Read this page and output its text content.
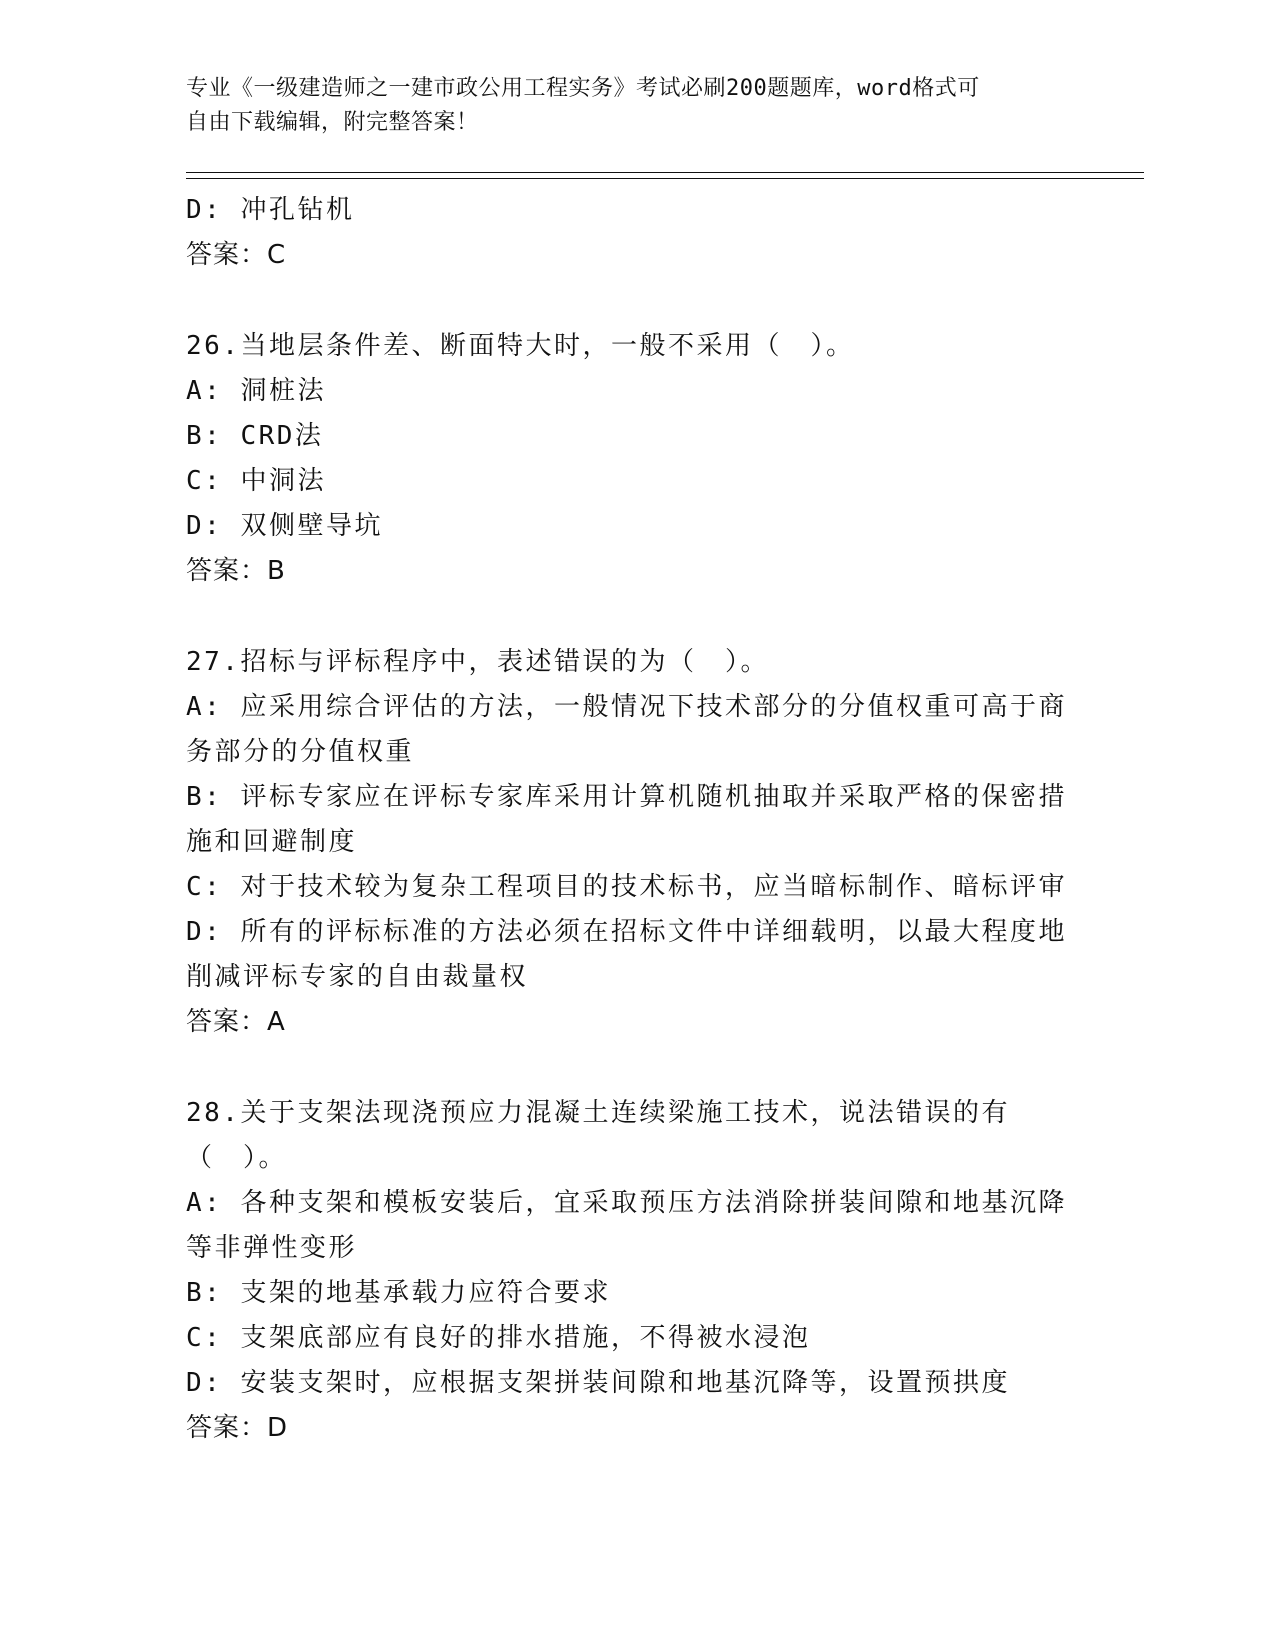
专业《一级建造师之一建市政公用工程实务》考试必刷200题题库，word格式可
自由下载编辑，附完整答案！
D: 冲孔钻机
答案：C
26.当地层条件差、断面特大时，一般不采用（　）。
A: 洞桩法
B: CRD法
C: 中洞法
D: 双侧壁导坑
答案：B
27.招标与评标程序中，表述错误的为（　）。
A: 应采用综合评估的方法，一般情况下技术部分的分值权重可高于商务部分的分值权重
B: 评标专家应在评标专家库采用计算机随机抽取并采取严格的保密措施和回避制度
C: 对于技术较为复杂工程项目的技术标书，应当暗标制作、暗标评审
D: 所有的评标标准的方法必须在招标文件中详细载明，以最大程度地削减评标专家的自由裁量权
答案：A
28.关于支架法现浇预应力混凝土连续梁施工技术，说法错误的有（　）。
A: 各种支架和模板安装后，宜采取预压方法消除拼装间隙和地基沉降等非弹性变形
B: 支架的地基承载力应符合要求
C: 支架底部应有良好的排水措施，不得被水浸泡
D: 安装支架时，应根据支架拼装间隙和地基沉降等，设置预拱度
答案：D
